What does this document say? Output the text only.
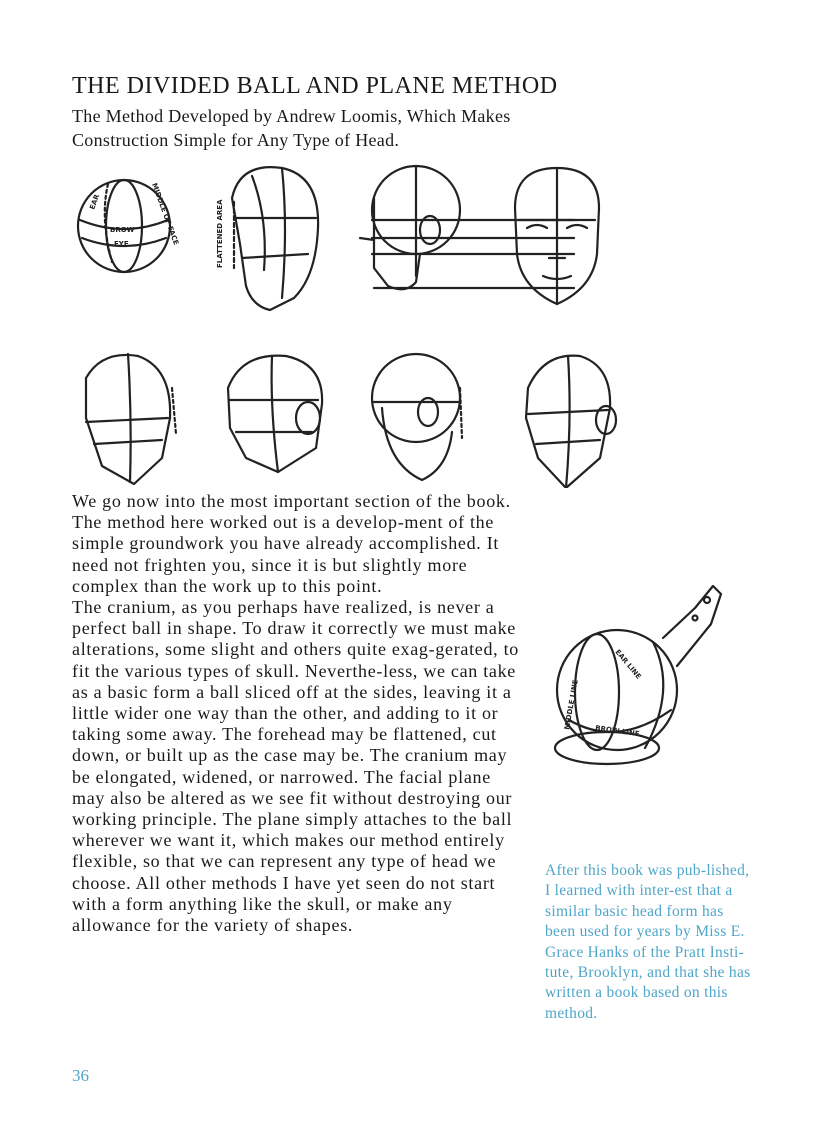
THE DIVIDED BALL AND PLANE METHOD

The Method Developed by Andrew Loomis, Which Makes Construction Simple for Any Type of Head.

EAR
BROW
EYE	MIDDLE OF FACE	FLATTENED AREA

We go now into the most important section of the book. The method here worked out is a develop-ment of the simple groundwork you have already accomplished. It need not frighten you, since it is but slightly more complex than the work up to this point.

The cranium, as you perhaps have realized, is never a perfect ball in shape. To draw it correctly we must make alterations, some slight and others quite exag-gerated, to fit the various types of skull. Neverthe-less, we can take as a basic form a ball sliced off at the sides, leaving it a little wider one way than the other, and adding to it or taking some away. The forehead may be flattened, cut down, or built up as the case may be. The cranium may be elongated, widened, or narrowed. The facial plane may also be altered as we see fit without destroying our working principle. The plane simply attaches to the ball wherever we want it, which makes our method entirely flexible, so that we can represent any type of head we choose. All other methods I have yet seen do not start with a form anything like the skull, or make any allowance for the variety of shapes.

MIDDLE LINE
EAR LINE
BROW LINE

After this book was pub-lished, I learned with inter-est that a similar basic head form has been used for years by Miss E. Grace Hanks of the Pratt Insti-tute, Brooklyn, and that she has written a book based on this method.

36
